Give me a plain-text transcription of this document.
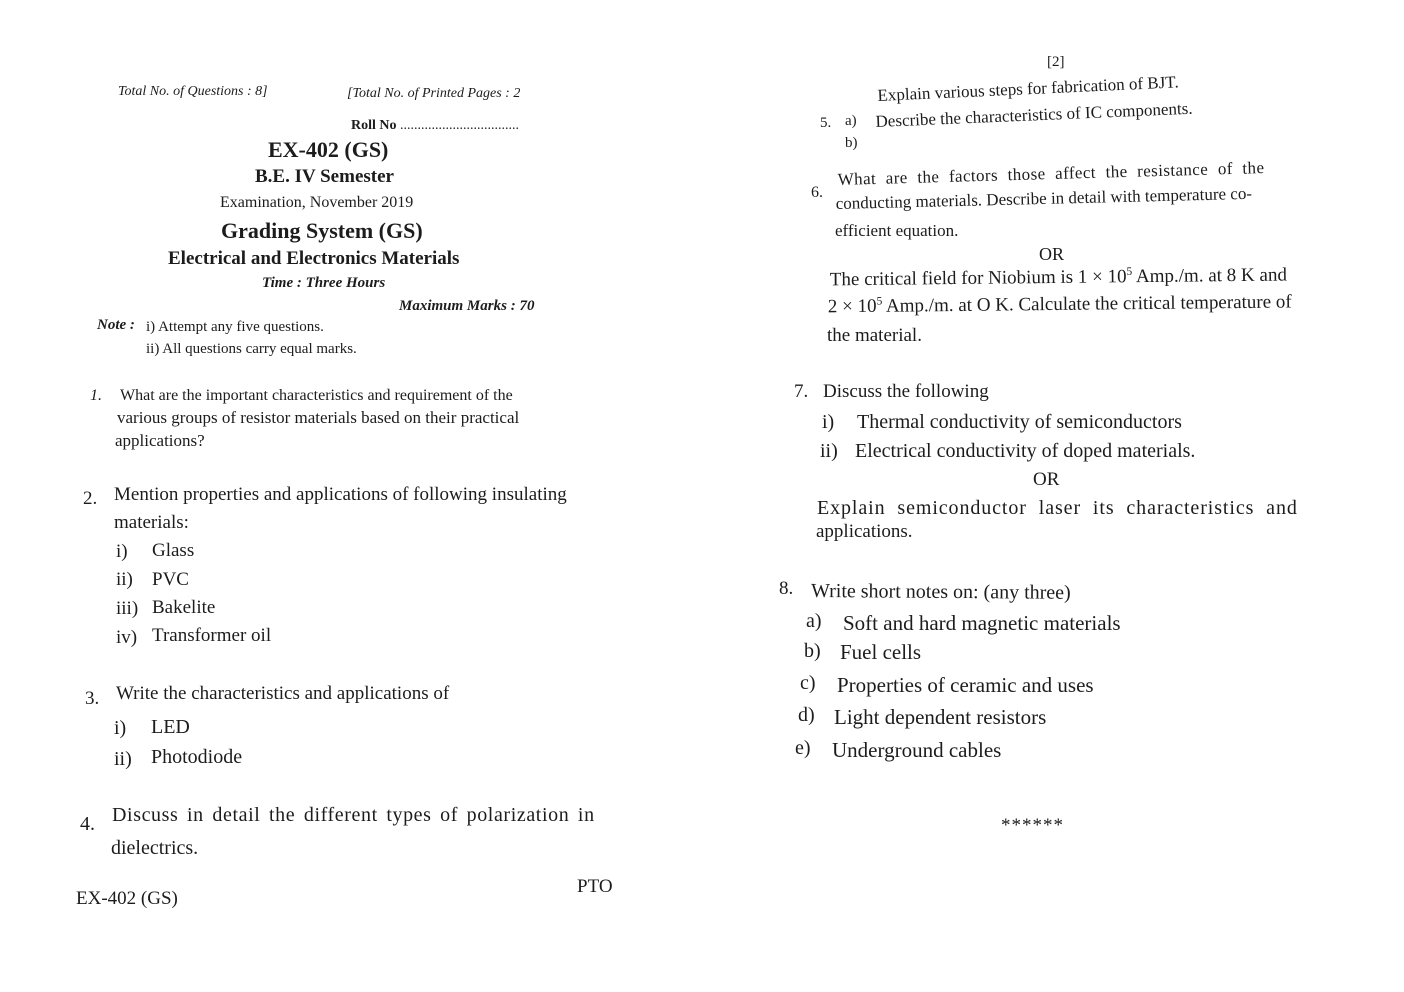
Total No. of Questions : 8]	[Total No. of Printed Pages : 2
Roll No ..................................
EX-402 (GS)
B.E. IV Semester
Examination, November 2019
Grading System (GS)
Electrical and Electronics Materials
Time : Three Hours
Maximum Marks : 70
Note : i) Attempt any five questions.
ii) All questions carry equal marks.
1. What are the important characteristics and requirement of the
various groups of resistor materials based on their practical
applications?
2. Mention properties and applications of following insulating
materials:
i) Glass
ii) PVC
iii) Bakelite
iv) Transformer oil
3. Write the characteristics and applications of
i) LED
ii) Photodiode
4. Discuss in detail the different types of polarization in
dielectrics.
EX-402 (GS)
PTO
[2]
5. a)
Explain various steps for fabrication of BJT.
b)
Describe the characteristics of IC components.
6.
What are the factors those affect the resistance of the
conducting materials. Describe in detail with temperature co-
efficient equation.
OR
The critical field for Niobium is $1 \times 10^5$ Amp./m. at 8 K and
$2 \times 10^5$ Amp./m. at O K. Calculate the critical temperature of
the material.
7. Discuss the following
i) Thermal conductivity of semiconductors
ii) Electrical conductivity of doped materials.
OR
Explain semiconductor laser its characteristics and
applications.
8. Write short notes on: (any three)
a) Soft and hard magnetic materials
b) Fuel cells
c) Properties of ceramic and uses
d) Light dependent resistors
e) Underground cables
******
